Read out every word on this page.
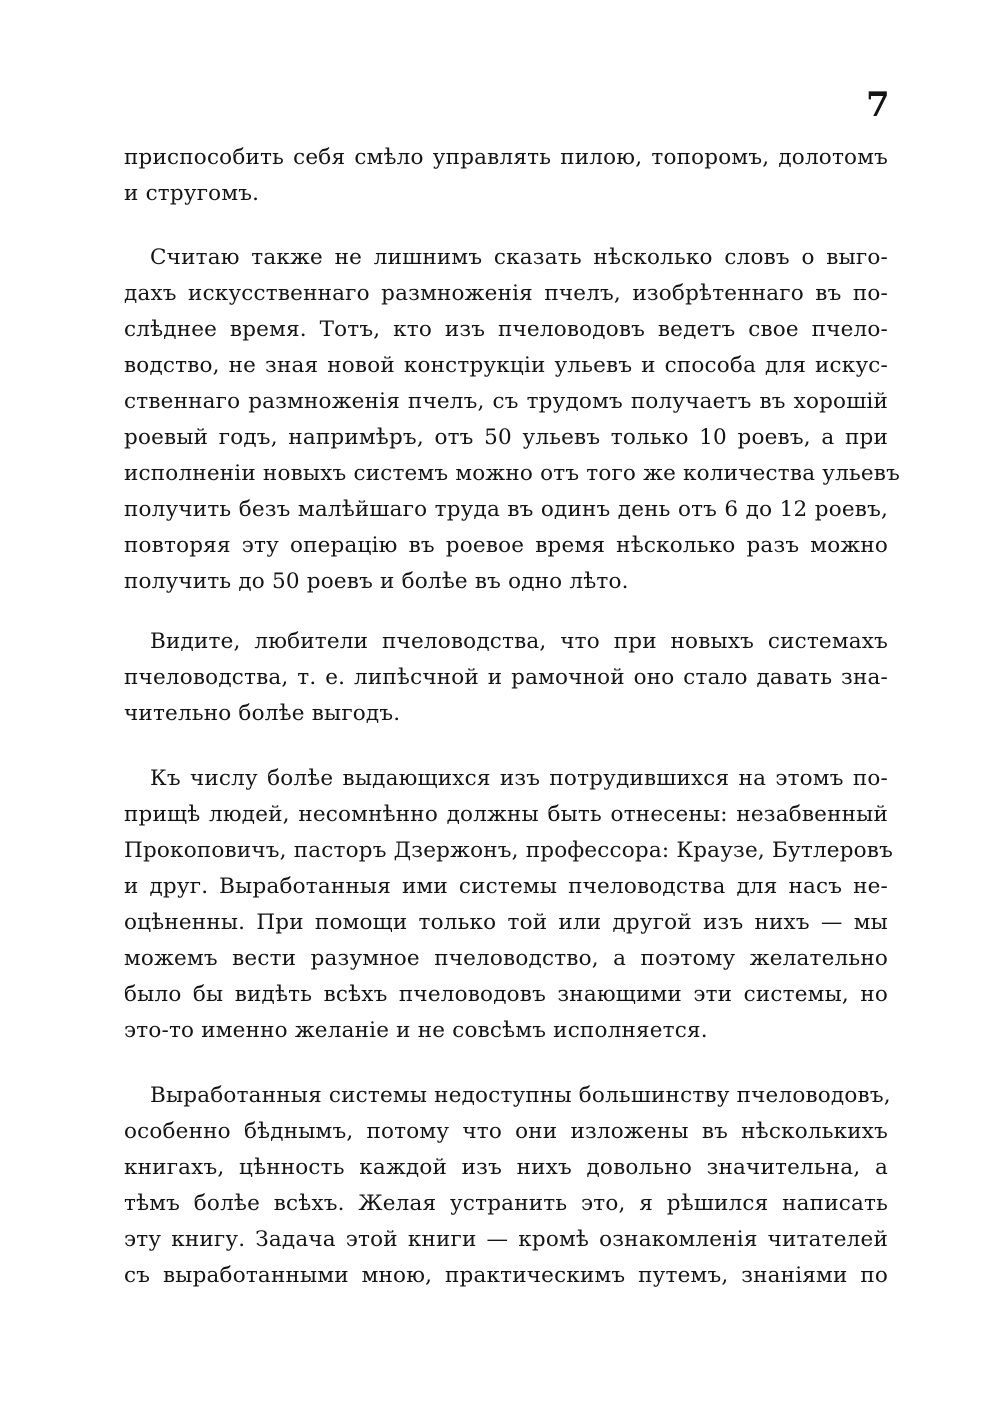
7
приспособить себя смѣло управлять пилою, топоромъ, долотомъ
и стругомъ.
Считаю также не лишнимъ сказать нѣсколько словъ о выго-
дахъ искусственнаго размноженія пчелъ, изобрѣтеннаго въ по-
слѣднее время. Тотъ, кто изъ пчеловодовъ ведетъ свое пчело-
водство, не зная новой конструкціи ульевъ и способа для искус-
ственнаго размноженія пчелъ, съ трудомъ получаетъ въ хорошій
роевый годъ, напримѣръ, отъ 50 ульевъ только 10 роевъ, а при
исполненіи новыхъ системъ можно отъ того же количества ульевъ
получить безъ малѣйшаго труда въ одинъ день отъ 6 до 12 роевъ,
повторяя эту операцію въ роевое время нѣсколько разъ можно
получить до 50 роевъ и болѣе въ одно лѣто.
Видите, любители пчеловодства, что при новыхъ системахъ
пчеловодства, т. е. липѣсчной и рамочной оно стало давать зна-
чительно болѣе выгодъ.
Къ числу болѣе выдающихся изъ потрудившихся на этомъ по-
прищѣ людей, несомнѣнно должны быть отнесены: незабвенный
Прокоповичъ, пасторъ Дзержонъ, профессора: Краузе, Бутлеровъ
и друг. Выработанныя ими системы пчеловодства для насъ не-
оцѣненны. При помощи только той или другой изъ нихъ — мы
можемъ вести разумное пчеловодство, а поэтому желательно
было бы видѣть всѣхъ пчеловодовъ знающими эти системы, но
это-то именно желаніе и не совсѣмъ исполняется.
Выработанныя системы недоступны большинству пчеловодовъ,
особенно бѣднымъ, потому что они изложены въ нѣсколькихъ
книгахъ, цѣнность каждой изъ нихъ довольно значительна, а
тѣмъ болѣе всѣхъ. Желая устранить это, я рѣшился написать
эту книгу. Задача этой книги — кромѣ ознакомленія читателей
съ выработанными мною, практическимъ путемъ, знаніями по
